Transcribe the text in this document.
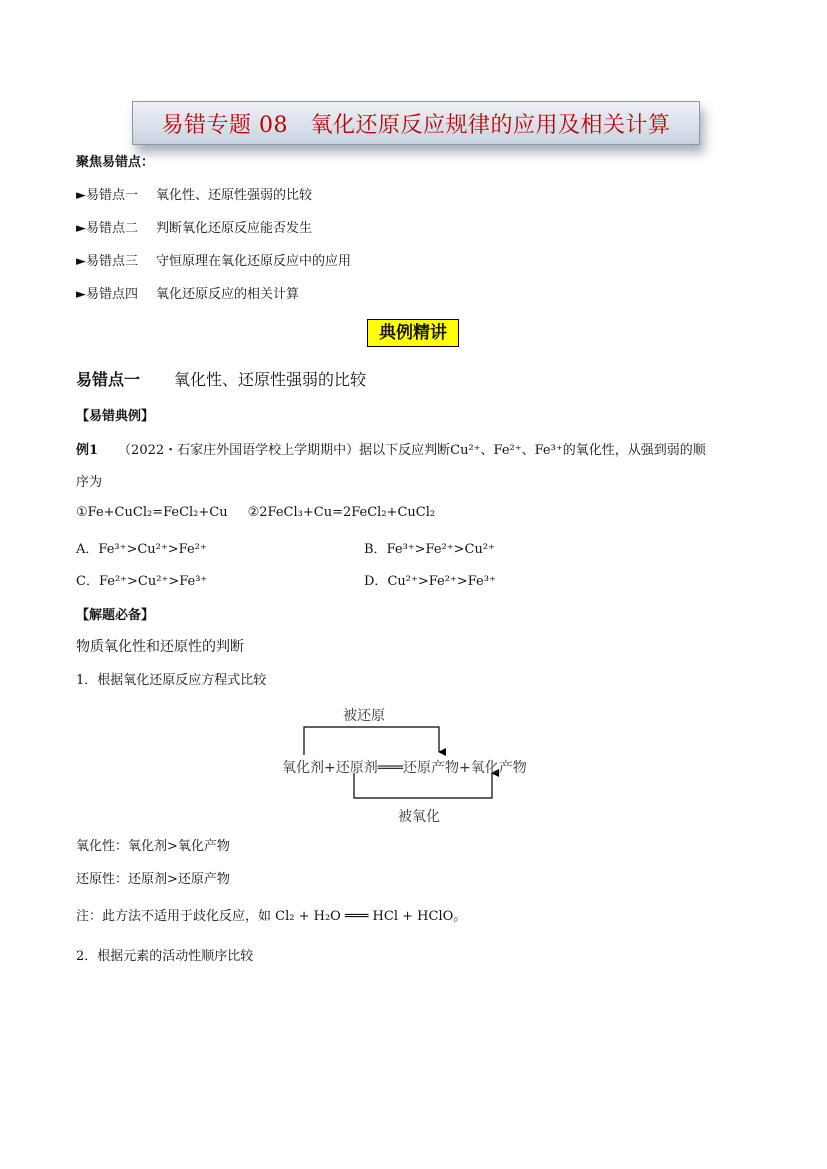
易错专题 08　氧化还原反应规律的应用及相关计算
聚焦易错点：
►易错点一 氧化性、还原性强弱的比较
►易错点二 判断氧化还原反应能否发生
►易错点三 守恒原理在氧化还原反应中的应用
►易错点四 氧化还原反应的相关计算
典例精讲
易错点一 氧化性、还原性强弱的比较
【易错典例】
例1 （2022・石家庄外国语学校上学期期中）据以下反应判断Cu²⁺、Fe²⁺、Fe³⁺的氧化性，从强到弱的顺
序为
①Fe+CuCl₂=FeCl₂+Cu ②2FeCl₃+Cu=2FeCl₂+CuCl₂
A．Fe³⁺>Cu²⁺>Fe²⁺	B．Fe³⁺>Fe²⁺>Cu²⁺
C．Fe²⁺>Cu²⁺>Fe³⁺	D．Cu²⁺>Fe²⁺>Fe³⁺
【解题必备】
物质氧化性和还原性的判断
1．根据氧化还原反应方程式比较
被还原
氧化剂+还原剂═══还原产物+氧化产物
被氧化
氧化性：氧化剂>氧化产物
还原性：还原剂>还原产物
注：此方法不适用于歧化反应，如 Cl₂ + H₂O ═══ HCl + HClO。
2．根据元素的活动性顺序比较
